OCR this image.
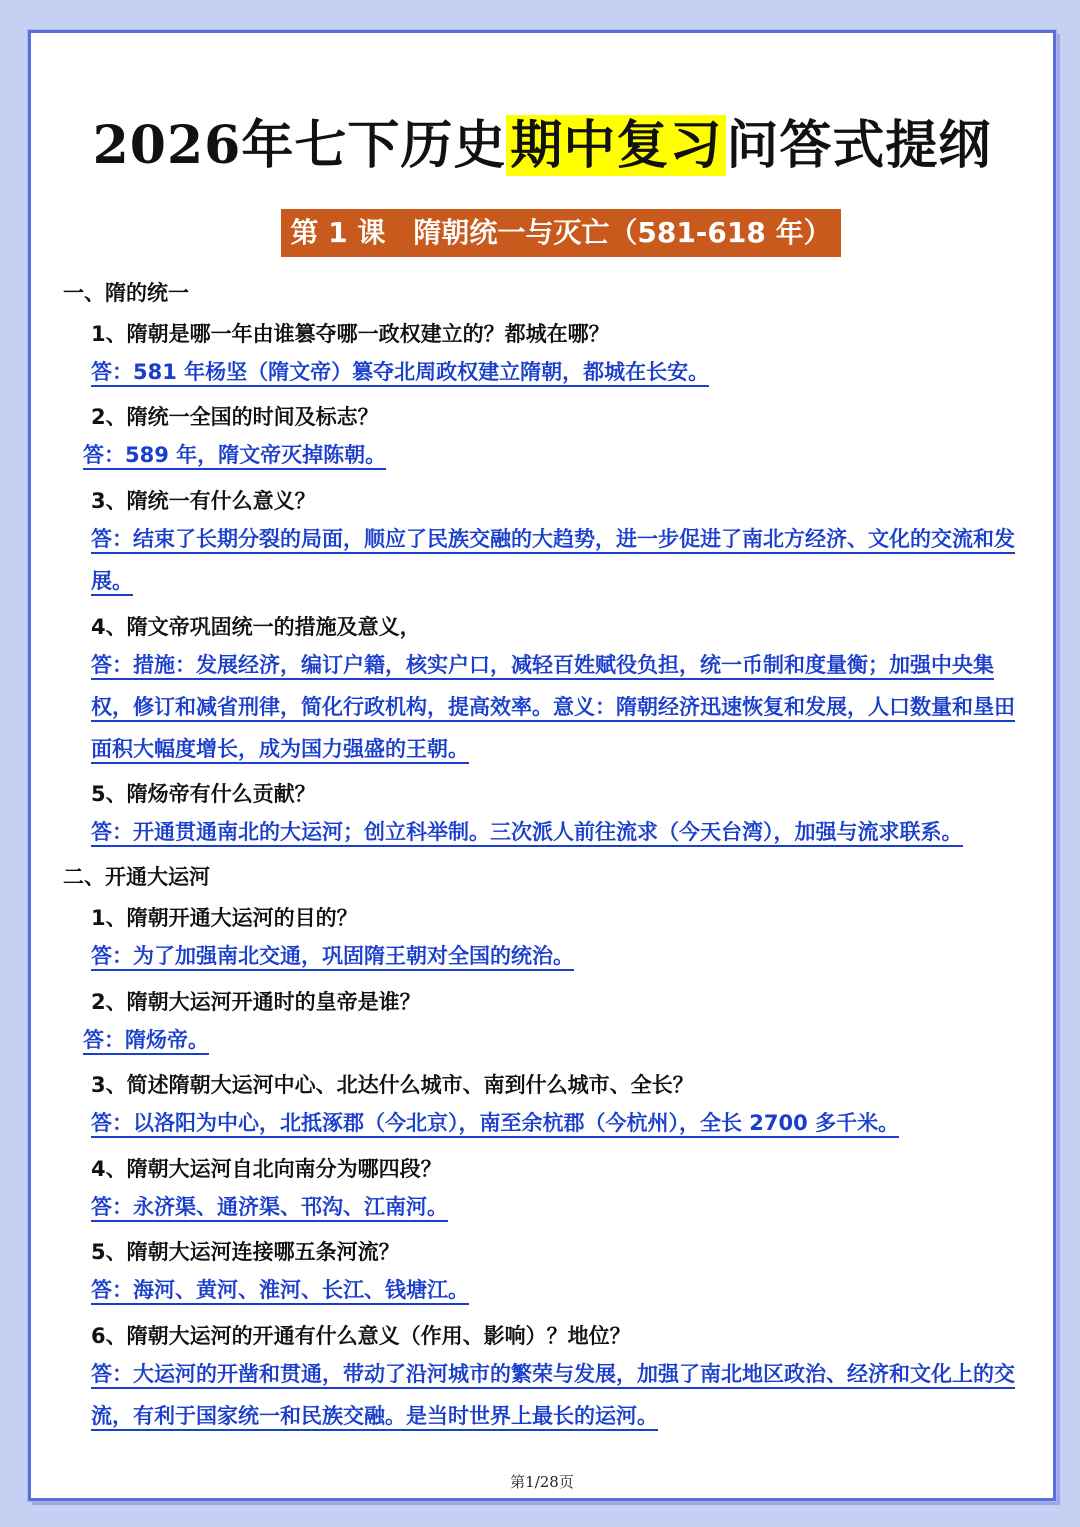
2026年七下历史期中复习问答式提纲
第 1 课　隋朝统一与灭亡（581-618 年）
一、隋的统一
1、隋朝是哪一年由谁篡夺哪一政权建立的？都城在哪？
答：581 年杨坚（隋文帝）篡夺北周政权建立隋朝，都城在长安。
2、隋统一全国的时间及标志？
答：589 年，隋文帝灭掉陈朝。
3、隋统一有什么意义？
答：结束了长期分裂的局面，顺应了民族交融的大趋势，进一步促进了南北方经济、文化的交流和发展。
4、隋文帝巩固统一的措施及意义，
答：措施：发展经济，编订户籍，核实户口，减轻百姓赋役负担，统一币制和度量衡；加强中央集权，修订和减省刑律，简化行政机构，提高效率。意义：隋朝经济迅速恢复和发展，人口数量和垦田面积大幅度增长，成为国力强盛的王朝。
5、隋炀帝有什么贡献？
答：开通贯通南北的大运河；创立科举制。三次派人前往流求（今天台湾），加强与流求联系。
二、开通大运河
1、隋朝开通大运河的目的？
答：为了加强南北交通，巩固隋王朝对全国的统治。
2、隋朝大运河开通时的皇帝是谁？
答：隋炀帝。
3、简述隋朝大运河中心、北达什么城市、南到什么城市、全长？
答：以洛阳为中心，北抵涿郡（今北京），南至余杭郡（今杭州），全长 2700 多千米。
4、隋朝大运河自北向南分为哪四段？
答：永济渠、通济渠、邗沟、江南河。
5、隋朝大运河连接哪五条河流？
答：海河、黄河、淮河、长江、钱塘江。
6、隋朝大运河的开通有什么意义（作用、影响）？地位？
答：大运河的开凿和贯通，带动了沿河城市的繁荣与发展，加强了南北地区政治、经济和文化上的交流，有利于国家统一和民族交融。是当时世界上最长的运河。
第1/28页
